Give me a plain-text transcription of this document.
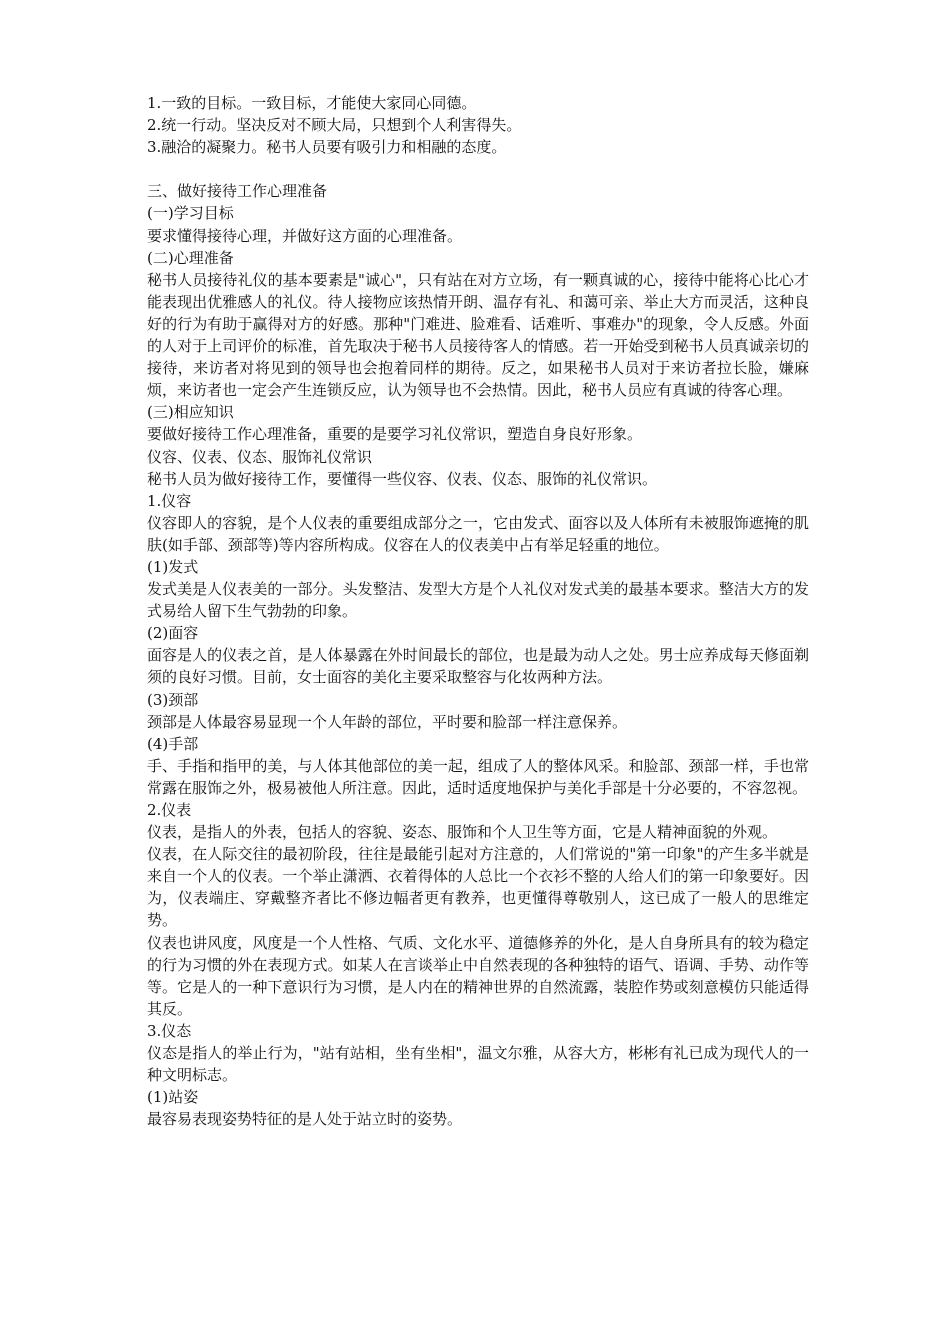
1.一致的目标。一致目标，才能使大家同心同德。

2.统一行动。坚决反对不顾大局，只想到个人利害得失。

3.融洽的凝聚力。秘书人员要有吸引力和相融的态度。

三、做好接待工作心理准备

(一)学习目标

要求懂得接待心理，并做好这方面的心理准备。

(二)心理准备

秘书人员接待礼仪的基本要素是"诚心"，只有站在对方立场，有一颗真诚的心，接待中能将心比心才能表现出优雅感人的礼仪。待人接物应该热情开朗、温存有礼、和蔼可亲、举止大方而灵活，这种良好的行为有助于赢得对方的好感。那种"门难进、脸难看、话难听、事难办"的现象，令人反感。外面的人对于上司评价的标准，首先取决于秘书人员接待客人的情感。若一开始受到秘书人员真诚亲切的接待，来访者对将见到的领导也会抱着同样的期待。反之，如果秘书人员对于来访者拉长脸，嫌麻烦，来访者也一定会产生连锁反应，认为领导也不会热情。因此，秘书人员应有真诚的待客心理。

(三)相应知识

要做好接待工作心理准备，重要的是要学习礼仪常识，塑造自身良好形象。

仪容、仪表、仪态、服饰礼仪常识

秘书人员为做好接待工作，要懂得一些仪容、仪表、仪态、服饰的礼仪常识。

1.仪容

仪容即人的容貌，是个人仪表的重要组成部分之一，它由发式、面容以及人体所有未被服饰遮掩的肌肤(如手部、颈部等)等内容所构成。仪容在人的仪表美中占有举足轻重的地位。

(1)发式

发式美是人仪表美的一部分。头发整洁、发型大方是个人礼仪对发式美的最基本要求。整洁大方的发式易给人留下生气勃勃的印象。

(2)面容

面容是人的仪表之首，是人体暴露在外时间最长的部位，也是最为动人之处。男士应养成每天修面剃须的良好习惯。目前，女士面容的美化主要采取整容与化妆两种方法。

(3)颈部

颈部是人体最容易显现一个人年龄的部位，平时要和脸部一样注意保养。

(4)手部

手、手指和指甲的美，与人体其他部位的美一起，组成了人的整体风采。和脸部、颈部一样，手也常常露在服饰之外，极易被他人所注意。因此，适时适度地保护与美化手部是十分必要的，不容忽视。

2.仪表

仪表，是指人的外表，包括人的容貌、姿态、服饰和个人卫生等方面，它是人精神面貌的外观。

仪表，在人际交往的最初阶段，往往是最能引起对方注意的，人们常说的"第一印象"的产生多半就是来自一个人的仪表。一个举止潇洒、衣着得体的人总比一个衣衫不整的人给人们的第一印象要好。因为，仪表端庄、穿戴整齐者比不修边幅者更有教养，也更懂得尊敬别人，这已成了一般人的思维定势。

仪表也讲风度，风度是一个人性格、气质、文化水平、道德修养的外化，是人自身所具有的较为稳定的行为习惯的外在表现方式。如某人在言谈举止中自然表现的各种独特的语气、语调、手势、动作等等。它是人的一种下意识行为习惯，是人内在的精神世界的自然流露，装腔作势或刻意模仿只能适得其反。

3.仪态

仪态是指人的举止行为，"站有站相，坐有坐相"，温文尔雅，从容大方，彬彬有礼已成为现代人的一种文明标志。

(1)站姿

最容易表现姿势特征的是人处于站立时的姿势。
